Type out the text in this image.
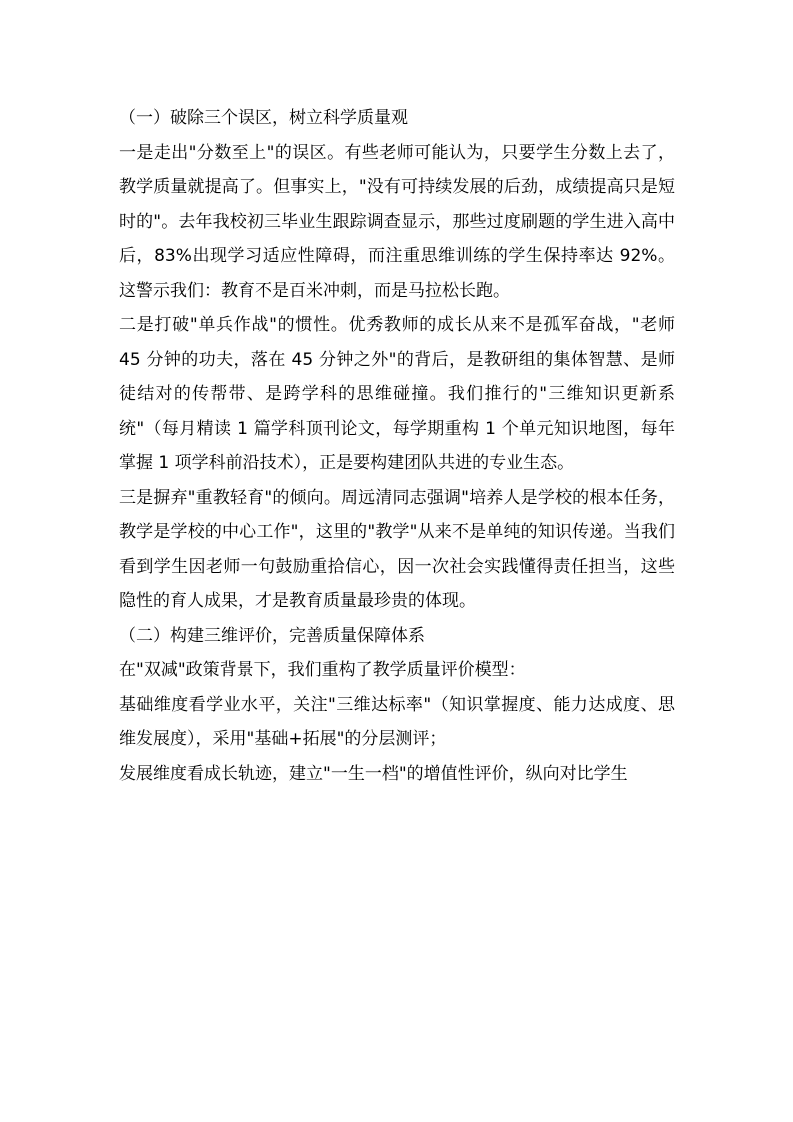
（一）破除三个误区，树立科学质量观

一是走出"分数至上"的误区。有些老师可能认为，只要学生分数上去了，教学质量就提高了。但事实上，"没有可持续发展的后劲，成绩提高只是短时的"。去年我校初三毕业生跟踪调查显示，那些过度刷题的学生进入高中后，83%出现学习适应性障碍，而注重思维训练的学生保持率达 92%。这警示我们：教育不是百米冲刺，而是马拉松长跑。

二是打破"单兵作战"的惯性。优秀教师的成长从来不是孤军奋战，"老师 45 分钟的功夫，落在 45 分钟之外"的背后，是教研组的集体智慧、是师徒结对的传帮带、是跨学科的思维碰撞。我们推行的"三维知识更新系统"（每月精读 1 篇学科顶刊论文，每学期重构 1 个单元知识地图，每年掌握 1 项学科前沿技术），正是要构建团队共进的专业生态。

三是摒弃"重教轻育"的倾向。周远清同志强调"培养人是学校的根本任务，教学是学校的中心工作"，这里的"教学"从来不是单纯的知识传递。当我们看到学生因老师一句鼓励重拾信心，因一次社会实践懂得责任担当，这些隐性的育人成果，才是教育质量最珍贵的体现。

（二）构建三维评价，完善质量保障体系

在"双减"政策背景下，我们重构了教学质量评价模型：

基础维度看学业水平，关注"三维达标率"（知识掌握度、能力达成度、思维发展度），采用"基础+拓展"的分层测评；

发展维度看成长轨迹，建立"一生一档"的增值性评价，纵向对比学生
